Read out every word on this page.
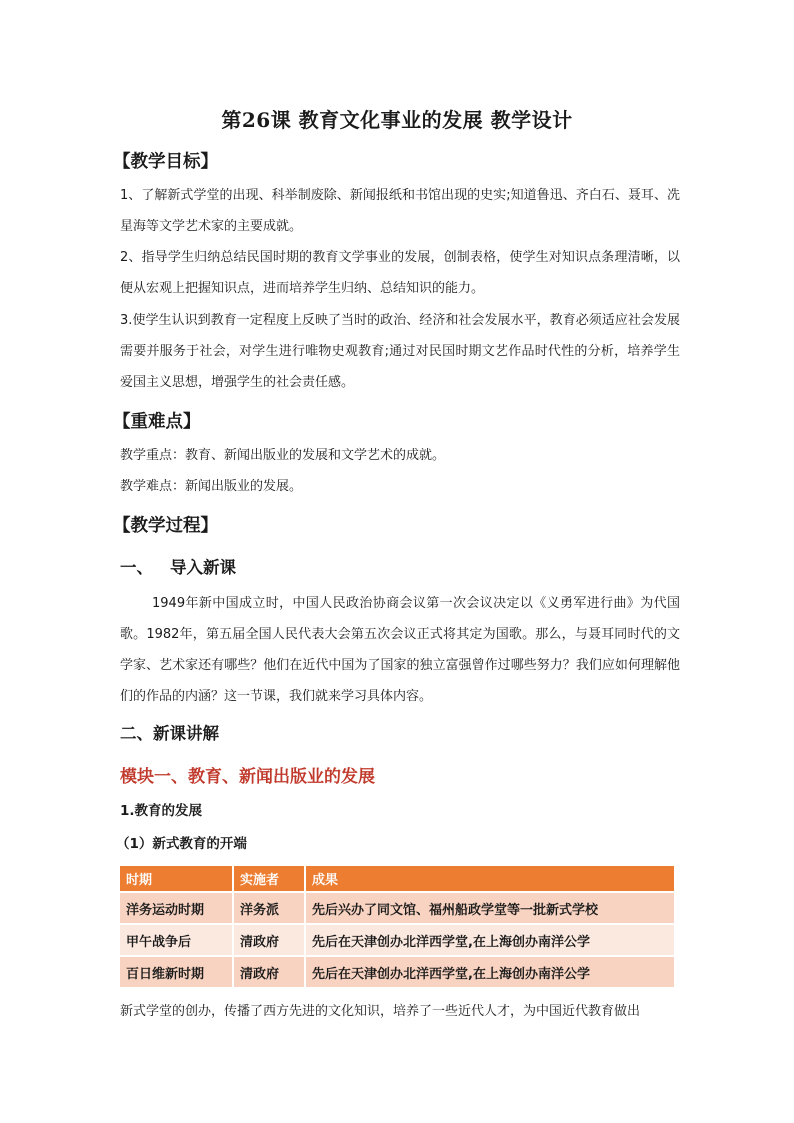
第26课 教育文化事业的发展 教学设计
【教学目标】
1、了解新式学堂的出现、科举制废除、新闻报纸和书馆出现的史实;知道鲁迅、齐白石、聂耳、冼星海等文学艺术家的主要成就。
2、指导学生归纳总结民国时期的教育文学事业的发展，创制表格，使学生对知识点条理清晰，以便从宏观上把握知识点，进而培养学生归纳、总结知识的能力。
3.使学生认识到教育一定程度上反映了当时的政治、经济和社会发展水平，教育必须适应社会发展需要并服务于社会，对学生进行唯物史观教育;通过对民国时期文艺作品时代性的分析，培养学生爱国主义思想，增强学生的社会责任感。
【重难点】
教学重点：教育、新闻出版业的发展和文学艺术的成就。
教学难点：新闻出版业的发展。
【教学过程】
一、 导入新课
1949年新中国成立时，中国人民政治协商会议第一次会议决定以《义勇军进行曲》为代国歌。1982年，第五届全国人民代表大会第五次会议正式将其定为国歌。那么，与聂耳同时代的文学家、艺术家还有哪些？他们在近代中国为了国家的独立富强曾作过哪些努力？我们应如何理解他们的作品的内涵？这一节课，我们就来学习具体内容。
二、新课讲解
模块一、教育、新闻出版业的发展
1.教育的发展
（1）新式教育的开端
时期	实施者	成果
洋务运动时期	洋务派	先后兴办了同文馆、福州船政学堂等一批新式学校
甲午战争后	清政府	先后在天津创办北洋西学堂,在上海创办南洋公学
百日维新时期	清政府	先后在天津创办北洋西学堂,在上海创办南洋公学
新式学堂的创办，传播了西方先进的文化知识，培养了一些近代人才，为中国近代教育做出
